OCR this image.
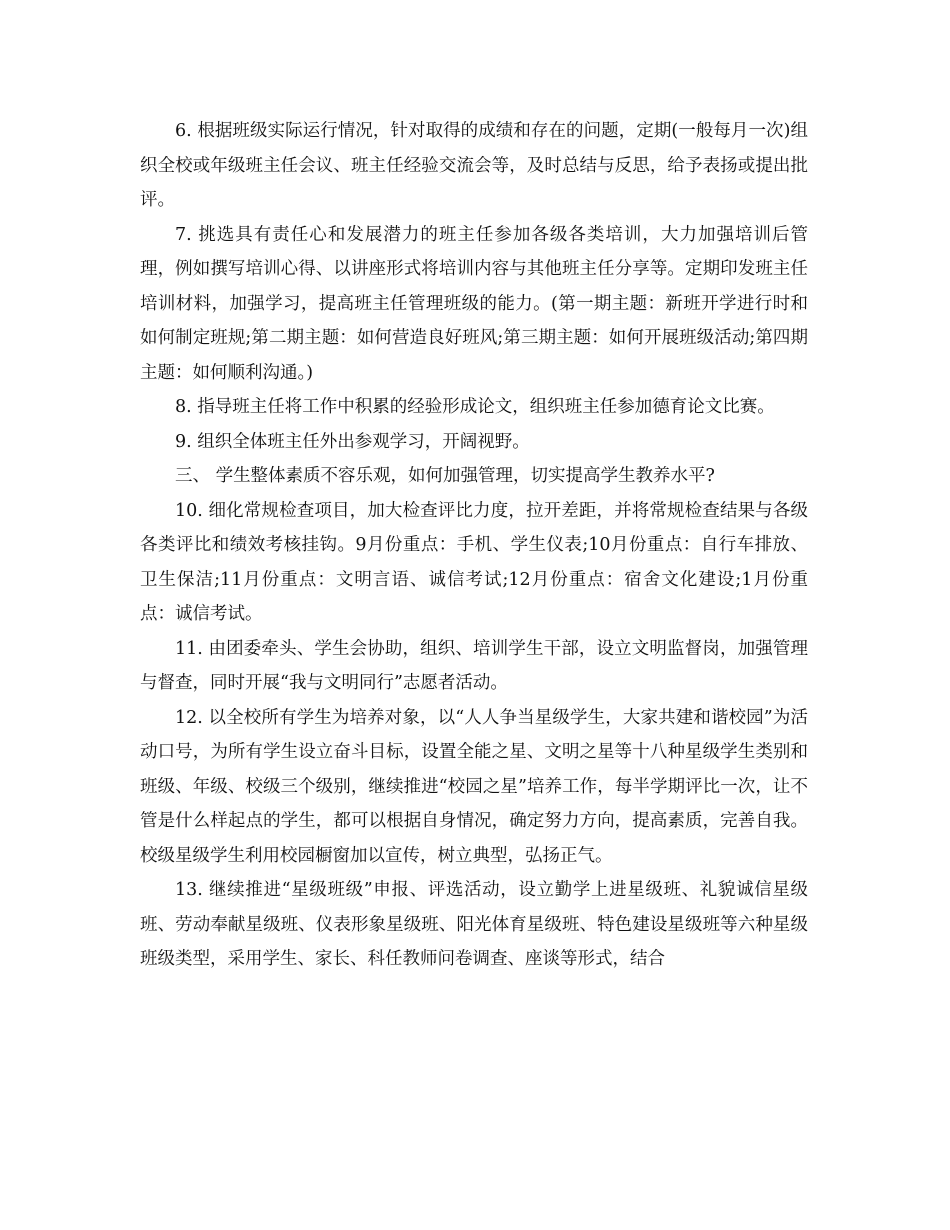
6. 根据班级实际运行情况，针对取得的成绩和存在的问题，定期(一般每月一次)组织全校或年级班主任会议、班主任经验交流会等，及时总结与反思，给予表扬或提出批评。

7. 挑选具有责任心和发展潜力的班主任参加各级各类培训，大力加强培训后管理，例如撰写培训心得、以讲座形式将培训内容与其他班主任分享等。定期印发班主任培训材料，加强学习，提高班主任管理班级的能力。(第一期主题：新班开学进行时和如何制定班规;第二期主题：如何营造良好班风;第三期主题：如何开展班级活动;第四期主题：如何顺利沟通。)

8. 指导班主任将工作中积累的经验形成论文，组织班主任参加德育论文比赛。

9. 组织全体班主任外出参观学习，开阔视野。

三、 学生整体素质不容乐观，如何加强管理，切实提高学生教养水平?

10. 细化常规检查项目，加大检查评比力度，拉开差距，并将常规检查结果与各级各类评比和绩效考核挂钩。9月份重点：手机、学生仪表;10月份重点：自行车排放、卫生保洁;11月份重点：文明言语、诚信考试;12月份重点：宿舍文化建设;1月份重点：诚信考试。

11. 由团委牵头、学生会协助，组织、培训学生干部，设立文明监督岗，加强管理与督查，同时开展“我与文明同行”志愿者活动。

12. 以全校所有学生为培养对象，以“人人争当星级学生，大家共建和谐校园”为活动口号，为所有学生设立奋斗目标，设置全能之星、文明之星等十八种星级学生类别和班级、年级、校级三个级别，继续推进“校园之星”培养工作，每半学期评比一次，让不管是什么样起点的学生，都可以根据自身情况，确定努力方向，提高素质，完善自我。校级星级学生利用校园橱窗加以宣传，树立典型，弘扬正气。

13. 继续推进“星级班级”申报、评选活动，设立勤学上进星级班、礼貌诚信星级班、劳动奉献星级班、仪表形象星级班、阳光体育星级班、特色建设星级班等六种星级班级类型，采用学生、家长、科任教师问卷调查、座谈等形式，结合
